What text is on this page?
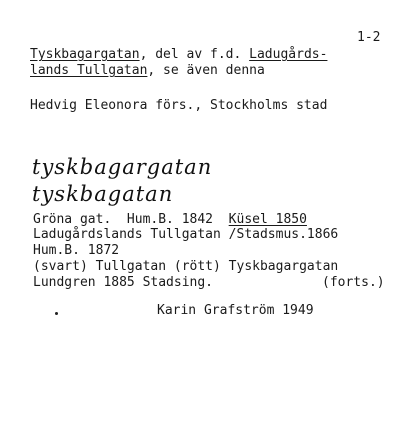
1-2
Tyskbagargatan, del av f.d. Ladugårds-
lands Tullgatan, se även denna
Hedvig Eleonora förs., Stockholms stad
tyskbagargatan
tyskbagatan
Gröna gat.  Hum.B. 1842  Küsel 1850
Ladugårdslands Tullgatan /Stadsmus.1866
Hum.B. 1872
(svart) Tullgatan (rött) Tyskbagargatan
Lundgren 1885 Stadsing.	(forts.)
Karin Grafström 1949
